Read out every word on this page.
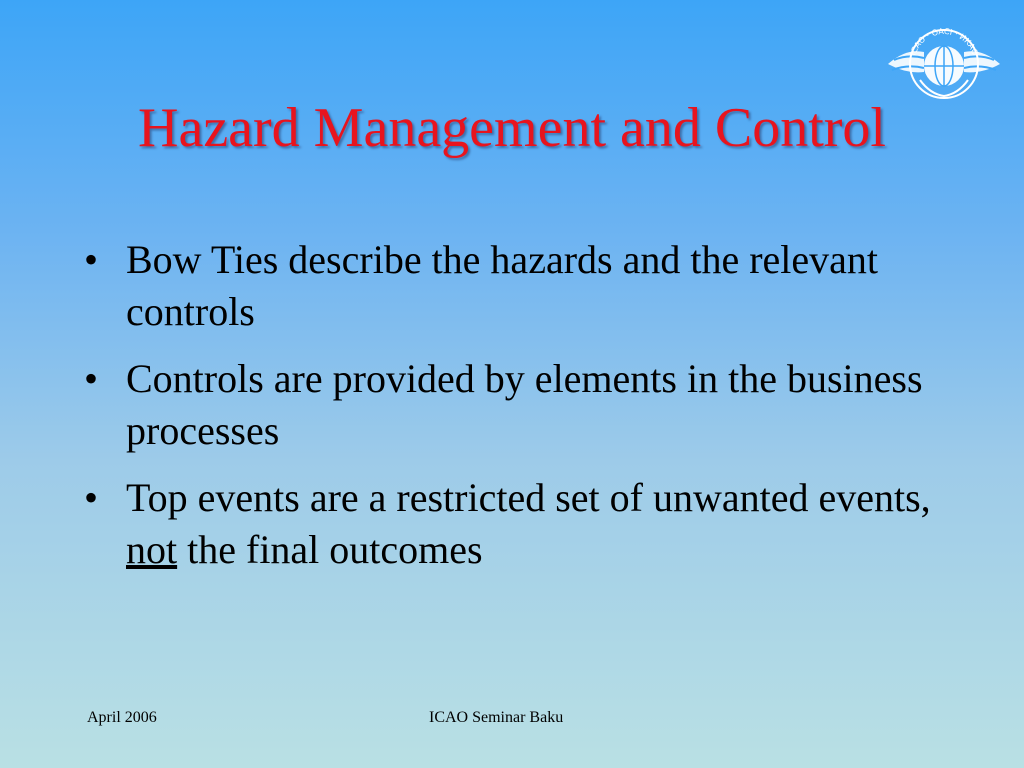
ICAO · OACI · ИКАО
Hazard Management and Control
• Bow Ties describe the hazards and the relevant controls
• Controls are provided by elements in the business processes
• Top events are a restricted set of unwanted events, not the final outcomes
April 2006	ICAO Seminar Baku
